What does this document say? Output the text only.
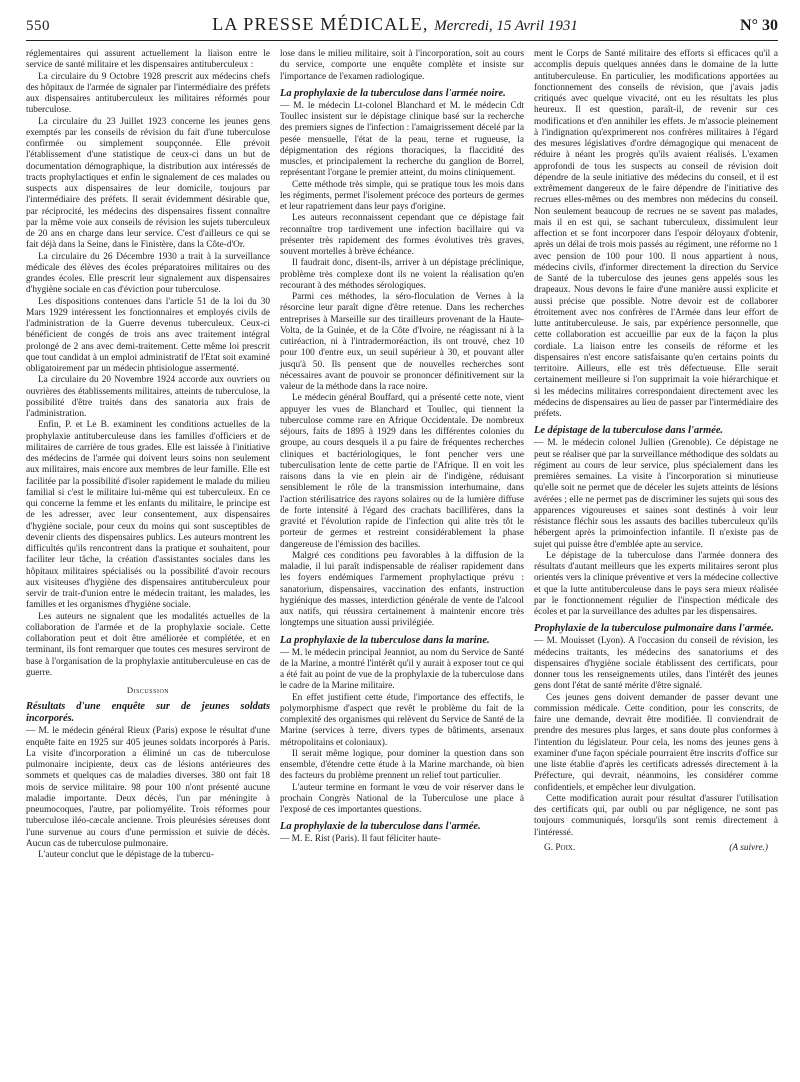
550	LA PRESSE MÉDICALE, Mercredi, 15 Avril 1931	N° 30

réglementaires qui assurent actuellement la liaison entre le service de santé militaire et les dispensaires antituberculeux :

La circulaire du 9 Octobre 1928 prescrit aux médecins chefs des hôpitaux de l'armée de signaler par l'intermédiaire des préfets aux dispensaires antituberculeux les militaires réformés pour tuberculose.

La circulaire du 23 Juillet 1923 concerne les jeunes gens exemptés par les conseils de révision du fait d'une tuberculose confirmée ou simplement soupçonnée. Elle prévoit l'établissement d'une statistique de ceux-ci dans un but de documentation démographique, la distribution aux intéressés de tracts prophylactiques et enfin le signalement de ces malades ou suspects aux dispensaires de leur domicile, toujours par l'intermédiaire des préfets. Il serait évidemment désirable que, par réciprocité, les médecins des dispensaires fissent connaître par la même voie aux conseils de révision les sujets tuberculeux de 20 ans en charge dans leur service. C'est d'ailleurs ce qui se fait déjà dans la Seine, dans le Finistère, dans la Côte-d'Or.

La circulaire du 26 Décembre 1930 a trait à la surveillance médicale des élèves des écoles préparatoires militaires ou des grandes écoles. Elle prescrit leur signalement aux dispensaires d'hygiène sociale en cas d'éviction pour tuberculose.

Les dispositions contenues dans l'article 51 de la loi du 30 Mars 1929 intéressent les fonctionnaires et employés civils de l'administration de la Guerre devenus tuberculeux. Ceux-ci bénéficient de congés de trois ans avec traitement intégral prolongé de 2 ans avec demi-traitement. Cette même loi prescrit que tout candidat à un emploi administratif de l'Etat soit examiné obligatoirement par un médecin phtisiologue assermenté.

La circulaire du 20 Novembre 1924 accorde aux ouvriers ou ouvrières des établissements militaires, atteints de tuberculose, la possibilité d'être traités dans des sanatoria aux frais de l'administration.

Enfin, P. et Le B. examinent les conditions actuelles de la prophylaxie antituberculeuse dans les familles d'officiers et de militaires de carrière de tous grades. Elle est laissée à l'initiative des médecins de l'armée qui doivent leurs soins non seulement aux militaires, mais encore aux membres de leur famille. Elle est facilitée par la possibilité d'isoler rapidement le malade du milieu familial si c'est le militaire lui-même qui est tuberculeux. En ce qui concerne la femme et les enfants du militaire, le principe est de les adresser, avec leur consentement, aux dispensaires d'hygiène sociale, pour ceux du moins qui sont susceptibles de devenir clients des dispensaires publics. Les auteurs montrent les difficultés qu'ils rencontrent dans la pratique et souhaitent, pour faciliter leur tâche, la création d'assistantes sociales dans les hôpitaux militaires spécialisés ou la possibilité d'avoir recours aux visiteuses d'hygiène des dispensaires antituberculeux pour servir de trait-d'union entre le médecin traitant, les malades, les familles et les organismes d'hygiène sociale.

Les auteurs ne signalent que les modalités actuelles de la collaboration de l'armée et de la prophylaxie sociale. Cette collaboration peut et doit être améliorée et complétée, et en terminant, ils font remarquer que toutes ces mesures serviront de base à l'organisation de la prophylaxie antituberculeuse en cas de guerre.

Discussion
Résultats d'une enquête sur de jeunes soldats incorporés.

— M. le médecin général Rieux (Paris) expose le résultat d'une enquête faite en 1925 sur 405 jeunes soldats incorporés à Paris. La visite d'incorporation a éliminé un cas de tuberculose pulmonaire incipiente, deux cas de lésions antérieures des sommets et quelques cas de maladies diverses. 380 ont fait 18 mois de service militaire. 98 pour 100 n'ont présenté aucune maladie importante. Deux décès, l'un par méningite à pneumocoques, l'autre, par poliomyélite. Trois réformes pour tuberculose iléo-cæcale ancienne. Trois pleurésies séreuses dont l'une survenue au cours d'une permission et suivie de décès. Aucun cas de tuberculose pulmonaire.

L'auteur conclut que le dépistage de la tubercu-

lose dans le milieu militaire, soit à l'incorporation, soit au cours du service, comporte une enquête complète et insiste sur l'importance de l'examen radiologique.

La prophylaxie de la tuberculose dans l'armée noire.

— M. le médecin Lt-colonel Blanchard et M. le médecin Cdt Toullec insistent sur le dépistage clinique basé sur la recherche des premiers signes de l'infection : l'amaigrissement décelé par la pesée mensuelle, l'état de la peau, terne et rugueuse, la dépigmentation des régions thoraciques, la flaccidité des muscles, et principalement la recherche du ganglion de Borrel, représentant l'organe le premier atteint, du moins cliniquement.

Cette méthode très simple, qui se pratique tous les mois dans les régiments, permet l'isolement précoce des porteurs de germes et leur rapatriement dans leur pays d'origine.

Les auteurs reconnaissent cependant que ce dépistage fait reconnaître trop tardivement une infection bacillaire qui va présenter très rapidement des formes évolutives très graves, souvent mortelles à brève échéance.

Il faudrait donc, disent-ils, arriver à un dépistage préclinique, problème très complexe dont ils ne voient la réalisation qu'en recourant à des méthodes sérologiques.

Parmi ces méthodes, la séro-floculation de Vernes à la résorcine leur paraît digne d'être retenue. Dans les recherches entreprises à Marseille sur des tirailleurs provenant de la Haute-Volta, de la Guinée, et de la Côte d'Ivoire, ne réagissant ni à la cutiréaction, ni à l'intradermoréaction, ils ont trouvé, chez 10 pour 100 d'entre eux, un seuil supérieur à 30, et pouvant aller jusqu'à 50. Ils pensent que de nouvelles recherches sont nécessaires avant de pouvoir se prononcer définitivement sur la valeur de la méthode dans la race noire.

Le médecin général Bouffard, qui a présenté cette note, vient appuyer les vues de Blanchard et Toullec, qui tiennent la tuberculose comme rare en Afrique Occidentale. De nombreux séjours, faits de 1895 à 1929 dans les différentes colonies du groupe, au cours desquels il a pu faire de fréquentes recherches cliniques et bactériologiques, le font pencher vers une tuberculisation lente de cette partie de l'Afrique. Il en voit les raisons dans la vie en plein air de l'indigène, réduisant sensiblement le rôle de la transmission interhumaine, dans l'action stérilisatrice des rayons solaires ou de la lumière diffuse de forte intensité à l'égard des crachats bacillifères, dans la gravité et l'évolution rapide de l'infection qui alite très tôt le porteur de germes et restreint considérablement la phase dangereuse de l'émission des bacilles.

Malgré ces conditions peu favorables à la diffusion de la maladie, il lui paraît indispensable de réaliser rapidement dans les foyers endémiques l'armement prophylactique prévu : sanatorium, dispensaires, vaccination des enfants, instruction hygiénique des masses, interdiction générale de vente de l'alcool aux natifs, qui réussira certainement à maintenir encore très longtemps une situation aussi privilégiée.

La prophylaxie de la tuberculose dans la marine.

— M. le médecin principal Jeanniot, au nom du Service de Santé de la Marine, a montré l'intérêt qu'il y aurait à exposer tout ce qui a été fait au point de vue de la prophylaxie de la tuberculose dans le cadre de la Marine militaire.

En effet justifient cette étude, l'importance des effectifs, le polymorphisme d'aspect que revêt le problème du fait de la complexité des organismes qui relèvent du Service de Santé de la Marine (services à terre, divers types de bâtiments, arsenaux métropolitains et coloniaux).

Il serait même logique, pour dominer la question dans son ensemble, d'étendre cette étude à la Marine marchande, où bien des facteurs du problème prennent un relief tout particulier.

L'auteur termine en formant le vœu de voir réserver dans le prochain Congrès National de la Tuberculose une place à l'exposé de ces importantes questions.

La prophylaxie de la tuberculose dans l'armée.

— M. E. Rist (Paris). Il faut féliciter haute-

ment le Corps de Santé militaire des efforts si efficaces qu'il a accomplis depuis quelques années dans le domaine de la lutte antituberculeuse. En particulier, les modifications apportées au fonctionnement des conseils de révision, que j'avais jadis critiqués avec quelque vivacité, ont eu les résultats les plus heureux. Il est question, paraît-il, de revenir sur ces modifications et d'en annihiler les effets. Je m'associe pleinement à l'indignation qu'exprimerent nos confrères militaires à l'égard des mesures législatives d'ordre démagogique qui menacent de réduire à néant les progrès qu'ils avaient réalisés. L'examen approfondi de tous les suspects au conseil de révision doit dépendre de la seule initiative des médecins du conseil, et il est extrêmement dangereux de le faire dépendre de l'initiative des recrues elles-mêmes ou des membres non médecins du conseil. Non seulement beaucoup de recrues ne se savent pas malades, mais il en est qui, se sachant tuberculeux, dissimulent leur affection et se font incorporer dans l'espoir déloyaux d'obtenir, après un délai de trois mois passés au régiment, une réforme no 1 avec pension de 100 pour 100. Il nous appartient à nous, médecins civils, d'informer directement la direction du Service de Santé de la tuberculose des jeunes gens appelés sous les drapeaux. Nous devons le faire d'une manière aussi explicite et aussi précise que possible. Notre devoir est de collaborer étroitement avec nos confrères de l'Armée dans leur effort de lutte antituberculeuse. Je sais, par expérience personnelle, que cette collaboration est accueillie par eux de la façon la plus cordiale. La liaison entre les conseils de réforme et les dispensaires n'est encore satisfaisante qu'en certains points du territoire. Ailleurs, elle est très défectueuse. Elle serait certainement meilleure si l'on supprimait la voie hiérarchique et si les médecins militaires correspondaient directement avec les médecins de dispensaires au lieu de passer par l'intermédiaire des préfets.

Le dépistage de la tuberculose dans l'armée.

— M. le médecin colonel Jullien (Grenoble). Ce dépistage ne peut se réaliser que par la surveillance méthodique des soldats au régiment au cours de leur service, plus spécialement dans les premières semaines. La visite à l'incorporation si minutieuse qu'elle soit ne permet que de déceler les sujets atteints de lésions avérées ; elle ne permet pas de discriminer les sujets qui sous des apparences vigoureuses et saines sont destinés à voir leur résistance fléchir sous les assauts des bacilles tuberculeux qu'ils hébergent après la primoinfection infantile. Il n'existe pas de sujet qui puisse être d'emblée apte au service.

Le dépistage de la tuberculose dans l'armée donnera des résultats d'autant meilleurs que les experts militaires seront plus orientés vers la clinique préventive et vers la médecine collective et que la lutte antituberculeuse dans le pays sera mieux réalisée par le fonctionnement régulier de l'inspection médicale des écoles et par la surveillance des adultes par les dispensaires.

Prophylaxie de la tuberculose pulmonaire dans l'armée.

— M. Mouisset (Lyon). A l'occasion du conseil de révision, les médecins traitants, les médecins des sanatoriums et des dispensaires d'hygiène sociale établissent des certificats, pour donner tous les renseignements utiles, dans l'intérêt des jeunes gens dont l'état de santé mérite d'être signalé.

Ces jeunes gens doivent demander de passer devant une commission médicale. Cette condition, pour les conscrits, de faire une demande, devrait être modifiée. Il conviendrait de prendre des mesures plus larges, et sans doute plus conformes à l'intention du législateur. Pour cela, les noms des jeunes gens à examiner d'une façon spéciale pourraient être inscrits d'office sur une liste établie d'après les certificats adressés directement à la Préfecture, qui devrait, néanmoins, les considérer comme confidentiels, et empêcher leur divulgation.

Cette modification aurait pour résultat d'assurer l'utilisation des certificats qui, par oubli ou par négligence, ne sont pas toujours communiqués, lorsqu'ils sont remis directement à l'intéressé.

G. Poix.	(A suivre.)
